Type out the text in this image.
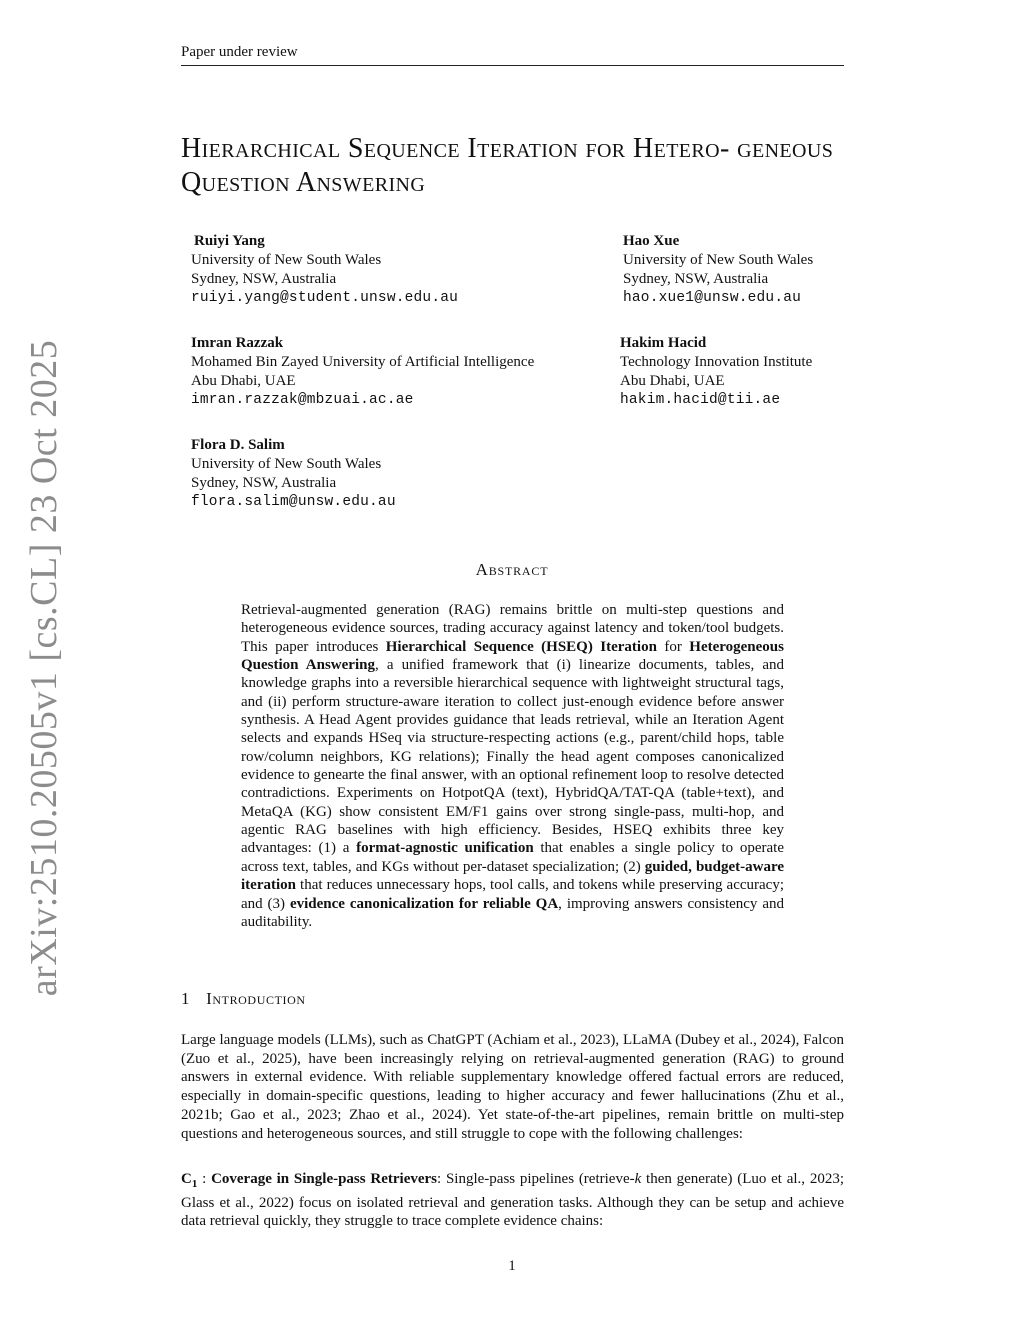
Paper under review
arXiv:2510.20505v1 [cs.CL] 23 Oct 2025
Hierarchical Sequence Iteration for Hetero- geneous Question Answering
Ruiyi Yang
University of New South Wales
Sydney, NSW, Australia
ruiyi.yang@student.unsw.edu.au
Hao Xue
University of New South Wales
Sydney, NSW, Australia
hao.xue1@unsw.edu.au
Imran Razzak
Mohamed Bin Zayed University of Artificial Intelligence
Abu Dhabi, UAE
imran.razzak@mbzuai.ac.ae
Hakim Hacid
Technology Innovation Institute
Abu Dhabi, UAE
hakim.hacid@tii.ae
Flora D. Salim
University of New South Wales
Sydney, NSW, Australia
flora.salim@unsw.edu.au
Abstract

Retrieval-augmented generation (RAG) remains brittle on multi-step questions and heterogeneous evidence sources, trading accuracy against latency and token/tool budgets. This paper introduces Hierarchical Sequence (HSEQ) Iteration for Heterogeneous Question Answering, a unified framework that (i) linearize documents, tables, and knowledge graphs into a reversible hierarchical sequence with lightweight structural tags, and (ii) perform structure-aware iteration to collect just-enough evidence before answer synthesis. A Head Agent provides guidance that leads retrieval, while an Iteration Agent selects and expands HSeq via structure-respecting actions (e.g., parent/child hops, table row/column neighbors, KG relations); Finally the head agent composes canonicalized evidence to genearte the final answer, with an optional refinement loop to resolve detected contradictions. Experiments on HotpotQA (text), HybridQA/TAT-QA (table+text), and MetaQA (KG) show consistent EM/F1 gains over strong single-pass, multi-hop, and agentic RAG baselines with high efficiency. Besides, HSEQ exhibits three key advantages: (1) a format-agnostic unification that enables a single policy to operate across text, tables, and KGs without per-dataset specialization; (2) guided, budget-aware iteration that reduces unnecessary hops, tool calls, and tokens while preserving accuracy; and (3) evidence canonicalization for reliable QA, improving answers consistency and auditability.

1 Introduction

Large language models (LLMs), such as ChatGPT (Achiam et al., 2023), LLaMA (Dubey et al., 2024), Falcon (Zuo et al., 2025), have been increasingly relying on retrieval-augmented generation (RAG) to ground answers in external evidence. With reliable supplementary knowledge offered factual errors are reduced, especially in domain-specific questions, leading to higher accuracy and fewer hallucinations (Zhu et al., 2021b; Gao et al., 2023; Zhao et al., 2024). Yet state-of-the-art pipelines, remain brittle on multi-step questions and heterogeneous sources, and still struggle to cope with the following challenges:

$C_1$ : Coverage in Single-pass Retrievers: Single-pass pipelines (retrieve-k then generate) (Luo et al., 2023; Glass et al., 2022) focus on isolated retrieval and generation tasks. Although they can be setup and achieve data retrieval quickly, they struggle to trace complete evidence chains:

1
